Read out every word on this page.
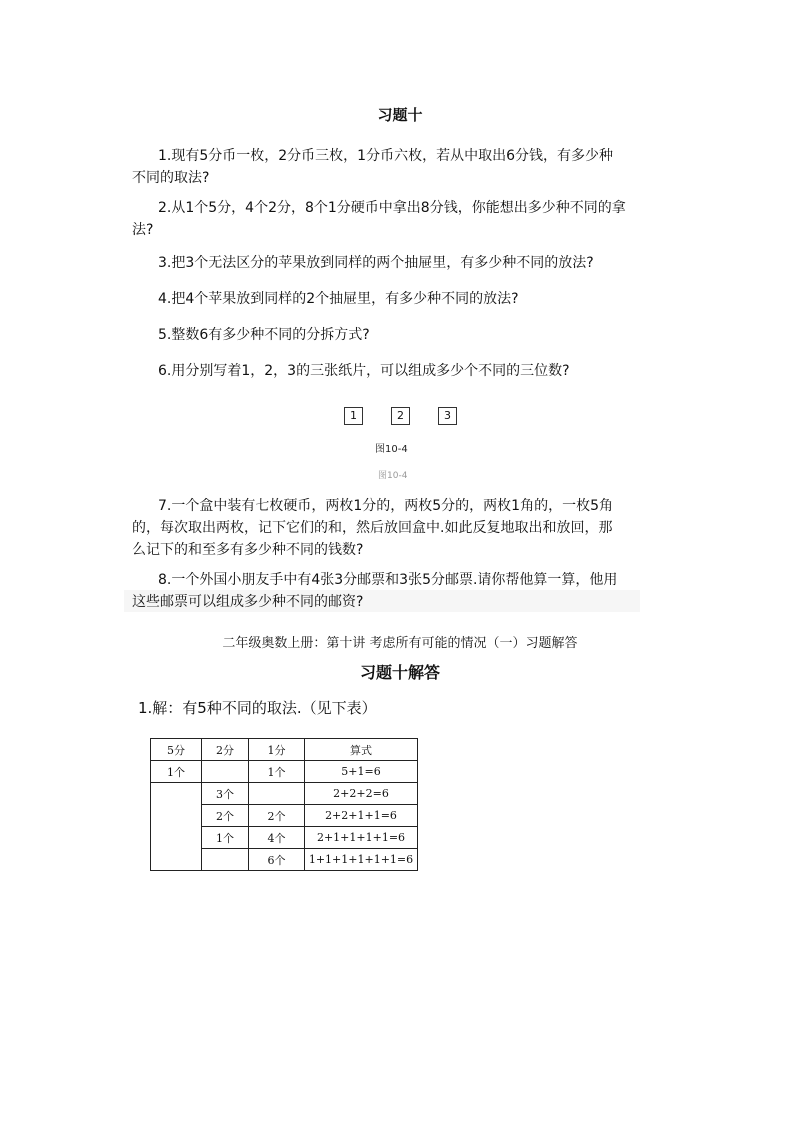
习题十
1.现有5分币一枚，2分币三枚，1分币六枚，若从中取出6分钱，有多少种
不同的取法?
2.从1个5分，4个2分，8个1分硬币中拿出8分钱，你能想出多少种不同的拿
法?
3.把3个无法区分的苹果放到同样的两个抽屉里，有多少种不同的放法?
4.把4个苹果放到同样的2个抽屉里，有多少种不同的放法?
5.整数6有多少种不同的分拆方式?
6.用分别写着1，2，3的三张纸片，可以组成多少个不同的三位数?
1	2	3
图10-4
图10-4
7.一个盒中装有七枚硬币，两枚1分的，两枚5分的，两枚1角的，一枚5角
的，每次取出两枚，记下它们的和，然后放回盒中.如此反复地取出和放回，那
么记下的和至多有多少种不同的钱数?
8.一个外国小朋友手中有4张3分邮票和3张5分邮票.请你帮他算一算，他用
这些邮票可以组成多少种不同的邮资?
二年级奥数上册：第十讲 考虑所有可能的情况（一）习题解答
习题十解答
1.解：有5种不同的取法.（见下表）
5分	2分	1分	算式
1个		1个	5+1=6
	3个		2+2+2=6
	2个	2个	2+2+1+1=6
	1个	4个	2+1+1+1+1=6
		6个	1+1+1+1+1+1=6
